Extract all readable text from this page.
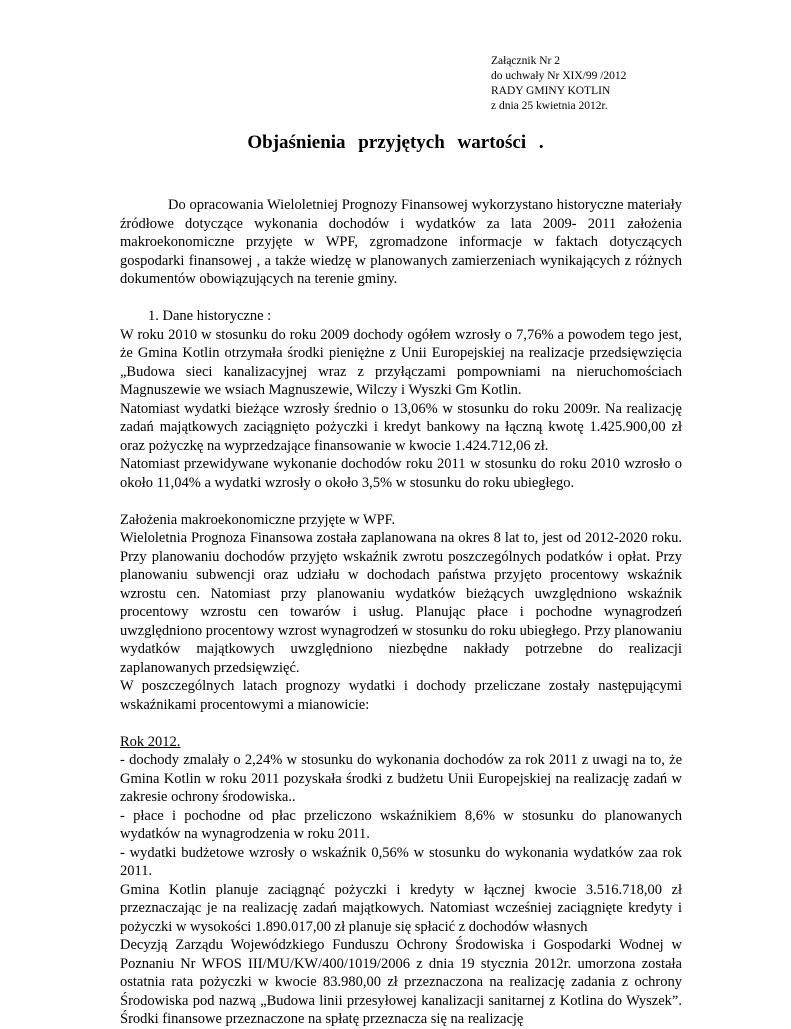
Załącznik Nr 2
do uchwały Nr XIX/99 /2012
RADY GMINY KOTLIN
z dnia 25 kwietnia 2012r.
Objaśnienia przyjętych wartości .

Do opracowania Wieloletniej Prognozy Finansowej wykorzystano historyczne materiały źródłowe dotyczące wykonania dochodów i wydatków za lata 2009- 2011 założenia makroekonomiczne przyjęte w WPF, zgromadzone informacje w faktach dotyczących gospodarki finansowej , a także wiedzę w planowanych zamierzeniach wynikających z różnych dokumentów obowiązujących na terenie gminy.

1. Dane historyczne :

W roku 2010 w stosunku do roku 2009 dochody ogółem wzrosły o 7,76% a powodem tego jest, że Gmina Kotlin otrzymała środki pieniężne z Unii Europejskiej na realizacje przedsięwzięcia „Budowa sieci kanalizacyjnej wraz z przyłączami pompowniami na nieruchomościach Magnuszewie we wsiach Magnuszewie, Wilczy i Wyszki Gm Kotlin.

Natomiast wydatki bieżące wzrosły średnio o 13,06% w stosunku do roku 2009r. Na realizację zadań majątkowych zaciągnięto pożyczki i kredyt bankowy na łączną kwotę 1.425.900,00 zł oraz pożyczkę na wyprzedzające finansowanie w kwocie 1.424.712,06 zł.

Natomiast przewidywane wykonanie dochodów roku 2011 w stosunku do roku 2010 wzrosło o około 11,04% a wydatki wzrosły o około 3,5% w stosunku do roku ubiegłego.

Założenia makroekonomiczne przyjęte w WPF.

Wieloletnia Prognoza Finansowa została zaplanowana na okres 8 lat to, jest od 2012-2020 roku. Przy planowaniu dochodów przyjęto wskaźnik zwrotu poszczególnych podatków i opłat. Przy planowaniu subwencji oraz udziału w dochodach państwa przyjęto procentowy wskaźnik wzrostu cen. Natomiast przy planowaniu wydatków bieżących uwzględniono wskaźnik procentowy wzrostu cen towarów i usług. Planując płace i pochodne wynagrodzeń uwzględniono procentowy wzrost wynagrodzeń w stosunku do roku ubiegłego. Przy planowaniu wydatków majątkowych uwzględniono niezbędne nakłady potrzebne do realizacji zaplanowanych przedsięwzięć.

W poszczególnych latach prognozy wydatki i dochody przeliczane zostały następującymi wskaźnikami procentowymi a mianowicie:

Rok 2012.

- dochody zmalały o 2,24% w stosunku do wykonania dochodów za rok 2011 z uwagi na to, że Gmina Kotlin w roku 2011 pozyskała środki z budżetu Unii Europejskiej na realizację zadań w zakresie ochrony środowiska..

- płace i pochodne od płac przeliczono wskaźnikiem 8,6% w stosunku do planowanych wydatków na wynagrodzenia w roku 2011.

- wydatki budżetowe wzrosły o wskaźnik 0,56% w stosunku do wykonania wydatków zaa rok 2011.

Gmina Kotlin planuje zaciągnąć pożyczki i kredyty w łącznej kwocie 3.516.718,00 zł przeznaczając je na realizację zadań majątkowych. Natomiast wcześniej zaciągnięte kredyty i pożyczki w wysokości 1.890.017,00 zł planuje się spłacić z dochodów własnych

Decyzją Zarządu Wojewódzkiego Funduszu Ochrony Środowiska i Gospodarki Wodnej w Poznaniu Nr WFOS III/MU/KW/400/1019/2006 z dnia 19 stycznia 2012r. umorzona została ostatnia rata pożyczki w kwocie 83.980,00 zł przeznaczona na realizację zadania z ochrony Środowiska pod nazwą „Budowa linii przesyłowej kanalizacji sanitarnej z Kotlina do Wyszek”. Środki finansowe przeznaczone na spłatę przeznacza się na realizację
